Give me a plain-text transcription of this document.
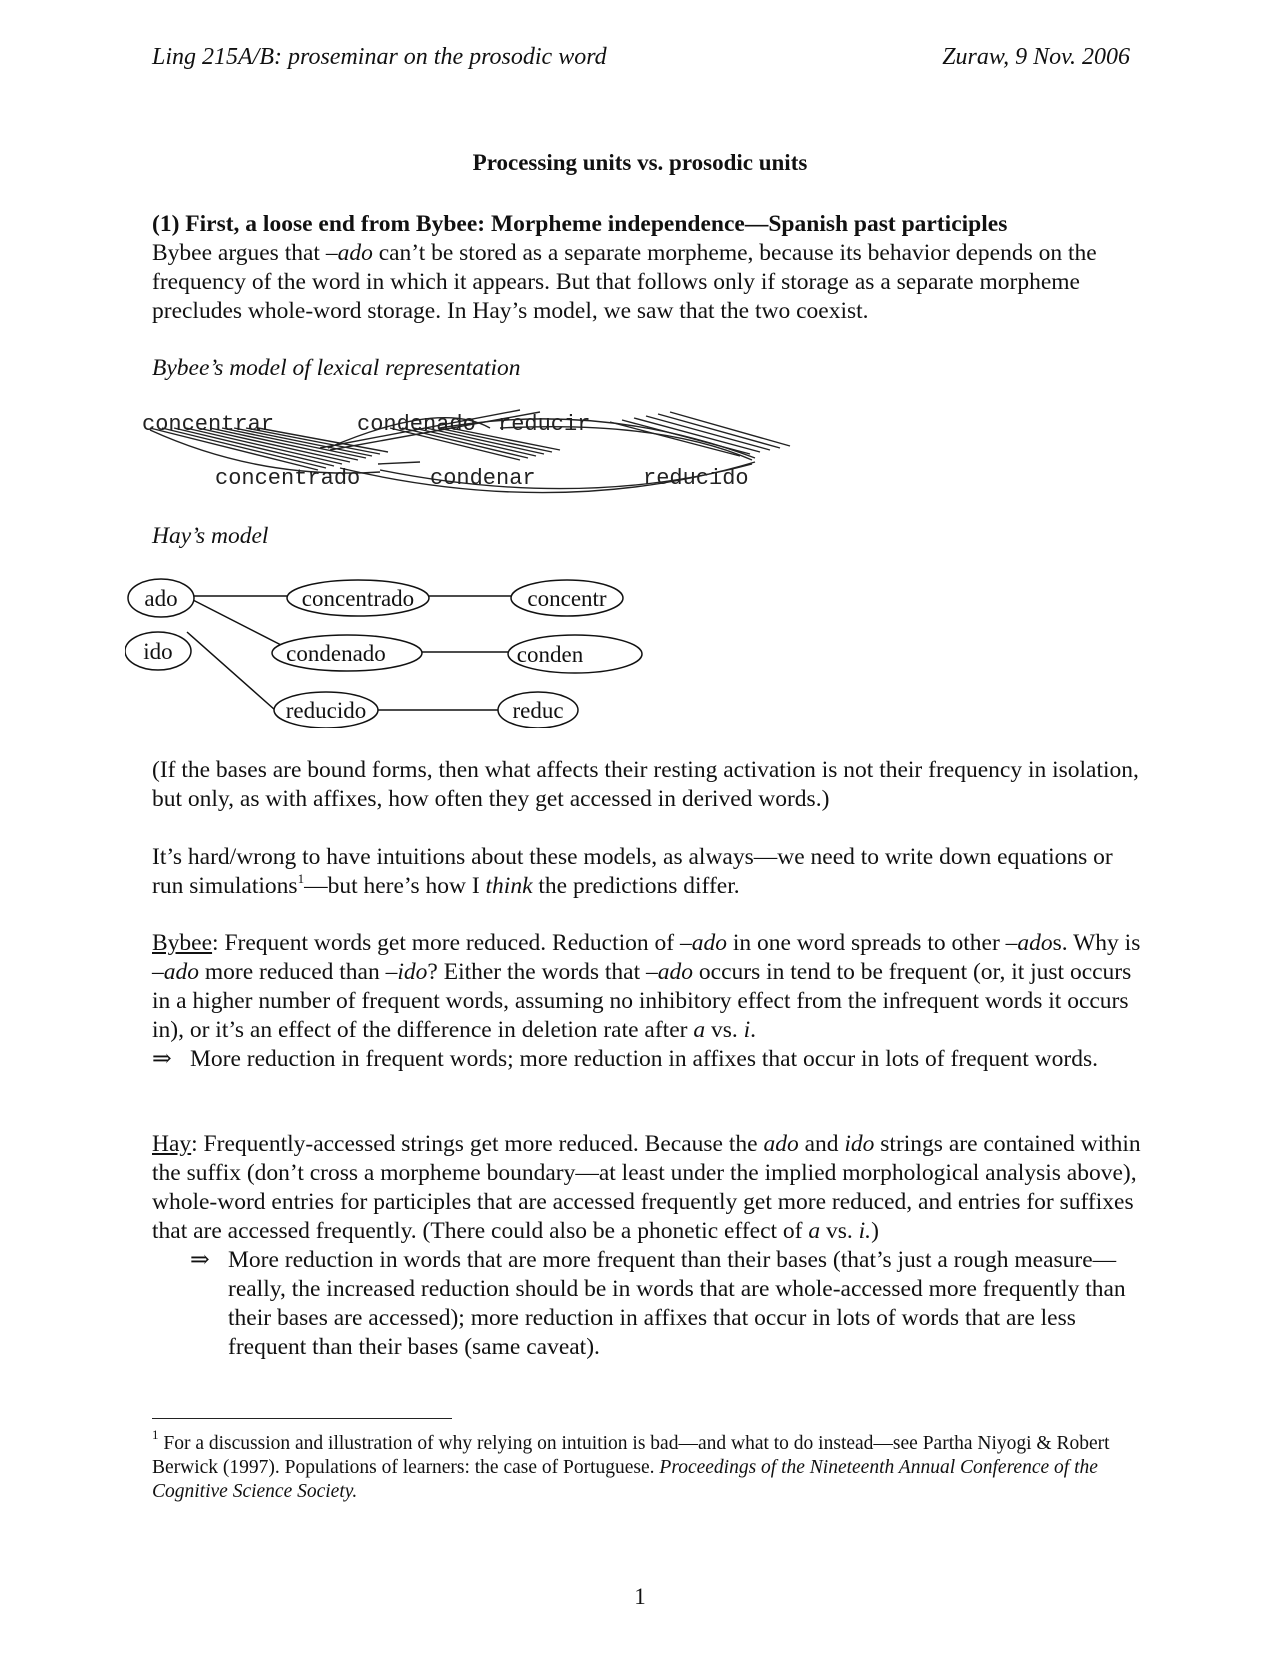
Ling 215A/B: proseminar on the prosodic word	Zuraw, 9 Nov. 2006
Processing units vs. prosodic units

(1) First, a loose end from Bybee: Morpheme independence—Spanish past participles

Bybee argues that –ado can’t be stored as a separate morpheme, because its behavior depends on the frequency of the word in which it appears. But that follows only if storage as a separate morpheme precludes whole-word storage. In Hay’s model, we saw that the two coexist.

Bybee’s model of lexical representation
concentrar	condenado reducir
concentrado	condenar	reducido
Hay’s model
ado
ido
concentrado
condenado
reducido
concentr
conden
reduc
(If the bases are bound forms, then what affects their resting activation is not their frequency in isolation, but only, as with affixes, how often they get accessed in derived words.)
It’s hard/wrong to have intuitions about these models, as always—we need to write down equations or run simulations$^1$—but here’s how I think the predictions differ.

Bybee: Frequent words get more reduced. Reduction of –ado in one word spreads to other –ados. Why is –ado more reduced than –ido? Either the words that –ado occurs in tend to be frequent (or, it just occurs in a higher number of frequent words, assuming no inhibitory effect from the infrequent words it occurs in), or it’s an effect of the difference in deletion rate after a vs. i.

⇒ More reduction in frequent words; more reduction in affixes that occur in lots of frequent words.

Hay: Frequently-accessed strings get more reduced. Because the ado and ido strings are contained within the suffix (don’t cross a morpheme boundary—at least under the implied morphological analysis above), whole-word entries for participles that are accessed frequently get more reduced, and entries for suffixes that are accessed frequently. (There could also be a phonetic effect of a vs. i.)

⇒ More reduction in words that are more frequent than their bases (that’s just a rough measure—really, the increased reduction should be in words that are whole-accessed more frequently than their bases are accessed); more reduction in affixes that occur in lots of words that are less frequent than their bases (same caveat).

$^1$ For a discussion and illustration of why relying on intuition is bad—and what to do instead—see Partha Niyogi & Robert Berwick (1997). Populations of learners: the case of Portuguese. Proceedings of the Nineteenth Annual Conference of the Cognitive Science Society.
1
